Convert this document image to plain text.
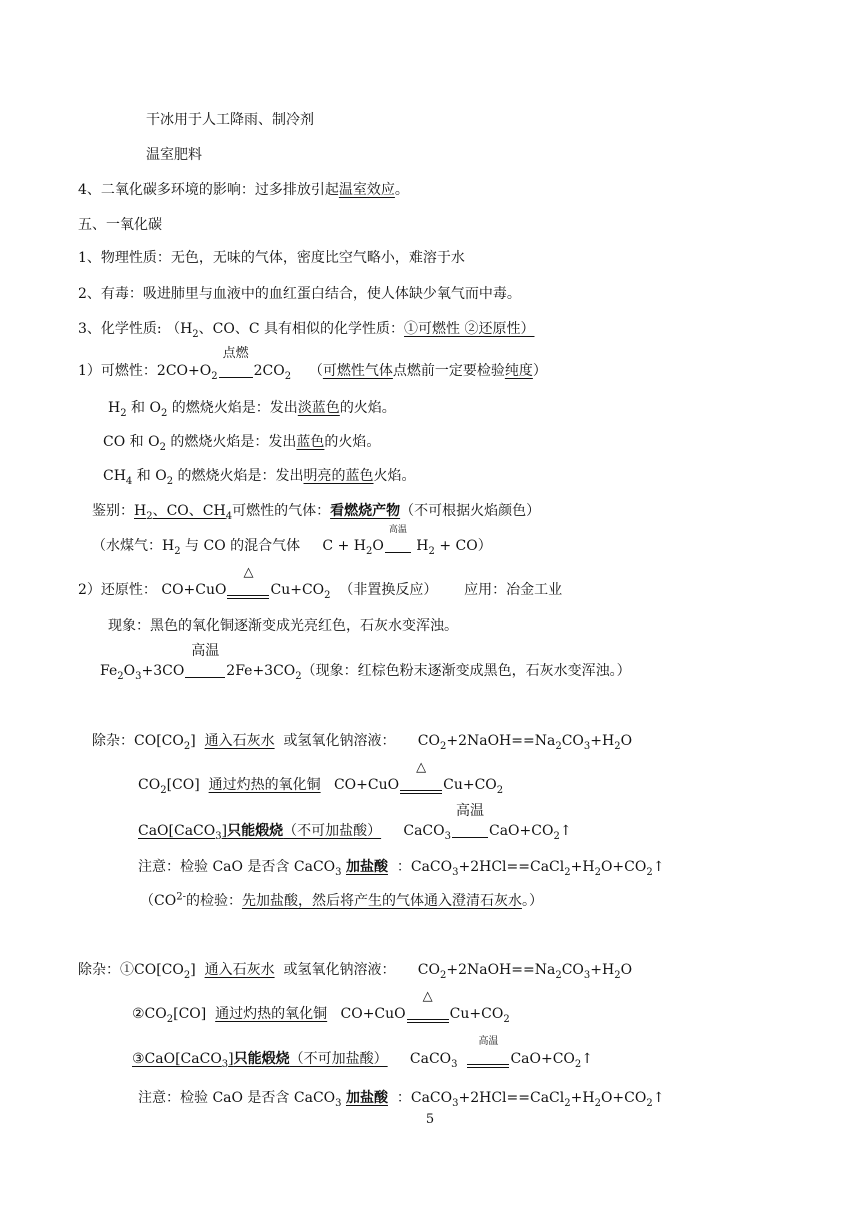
干冰用于人工降雨、制冷剂
温室肥料
4、二氧化碳多环境的影响：过多排放引起温室效应。
五、一氧化碳
1、物理性质：无色，无味的气体，密度比空气略小，难溶于水
2、有毒：吸进肺里与血液中的血红蛋白结合，使人体缺少氧气而中毒。
3、化学性质: （$H_2$、CO、C 具有相似的化学性质：①可燃性 ②还原性）
1）可燃性：$2CO+O_2$
点燃
$2CO_2$ （可燃性气体点燃前一定要检验纯度）
$H_2$ 和 $O_2$ 的燃烧火焰是：发出淡蓝色的火焰。
CO 和 $O_2$ 的燃烧火焰是：发出蓝色的火焰。
$CH_4$ 和 $O_2$ 的燃烧火焰是：发出明亮的蓝色火焰。
鉴别：$H_2$、CO、$CH_4$可燃性的气体：看燃烧产物（不可根据火焰颜色）
（水煤气：$H_2$ 与 CO 的混合气体 $C + H_2O$
高温
$H_2 + CO$）
2）还原性： CO+CuO
△
$Cu+CO_2$ （非置换反应） 应用：冶金工业
现象：黑色的氧化铜逐渐变成光亮红色，石灰水变浑浊。
$Fe_2O_3+3CO$
高温
$2Fe+3CO_2$（现象：红棕色粉末逐渐变成黑色，石灰水变浑浊。）
除杂：$CO[CO_2]$ 通入石灰水 或氢氧化钠溶液： $CO_2+2NaOH==Na_2CO_3+H_2O$
$CO_2[CO]$ 通过灼热的氧化铜 CO+CuO
△
$Cu+CO_2$
CaO[CaCO$_3$]只能煅烧（不可加盐酸） CaCO$_3$
高温
$CaO+CO_2↑$
注意：检验 CaO 是否含 CaCO$_3$ 加盐酸 ：$CaCO_3+2HCl==CaCl_2+H_2O+CO_2↑$
（$CO^{2-}$的检验：先加盐酸，然后将产生的气体通入澄清石灰水。）
除杂：$①CO[CO_2]$ 通入石灰水 或氢氧化钠溶液： $CO_2+2NaOH==Na_2CO_3+H_2O$
$②CO_2[CO]$ 通过灼热的氧化铜 CO+CuO
△
$Cu+CO_2$
③CaO[CaCO$_3$]只能煅烧（不可加盐酸） CaCO$_3$
高温
$CaO+CO_2↑$
注意：检验 CaO 是否含 CaCO$_3$ 加盐酸 ：$CaCO_3+2HCl==CaCl_2+H_2O+CO_2↑$
5
